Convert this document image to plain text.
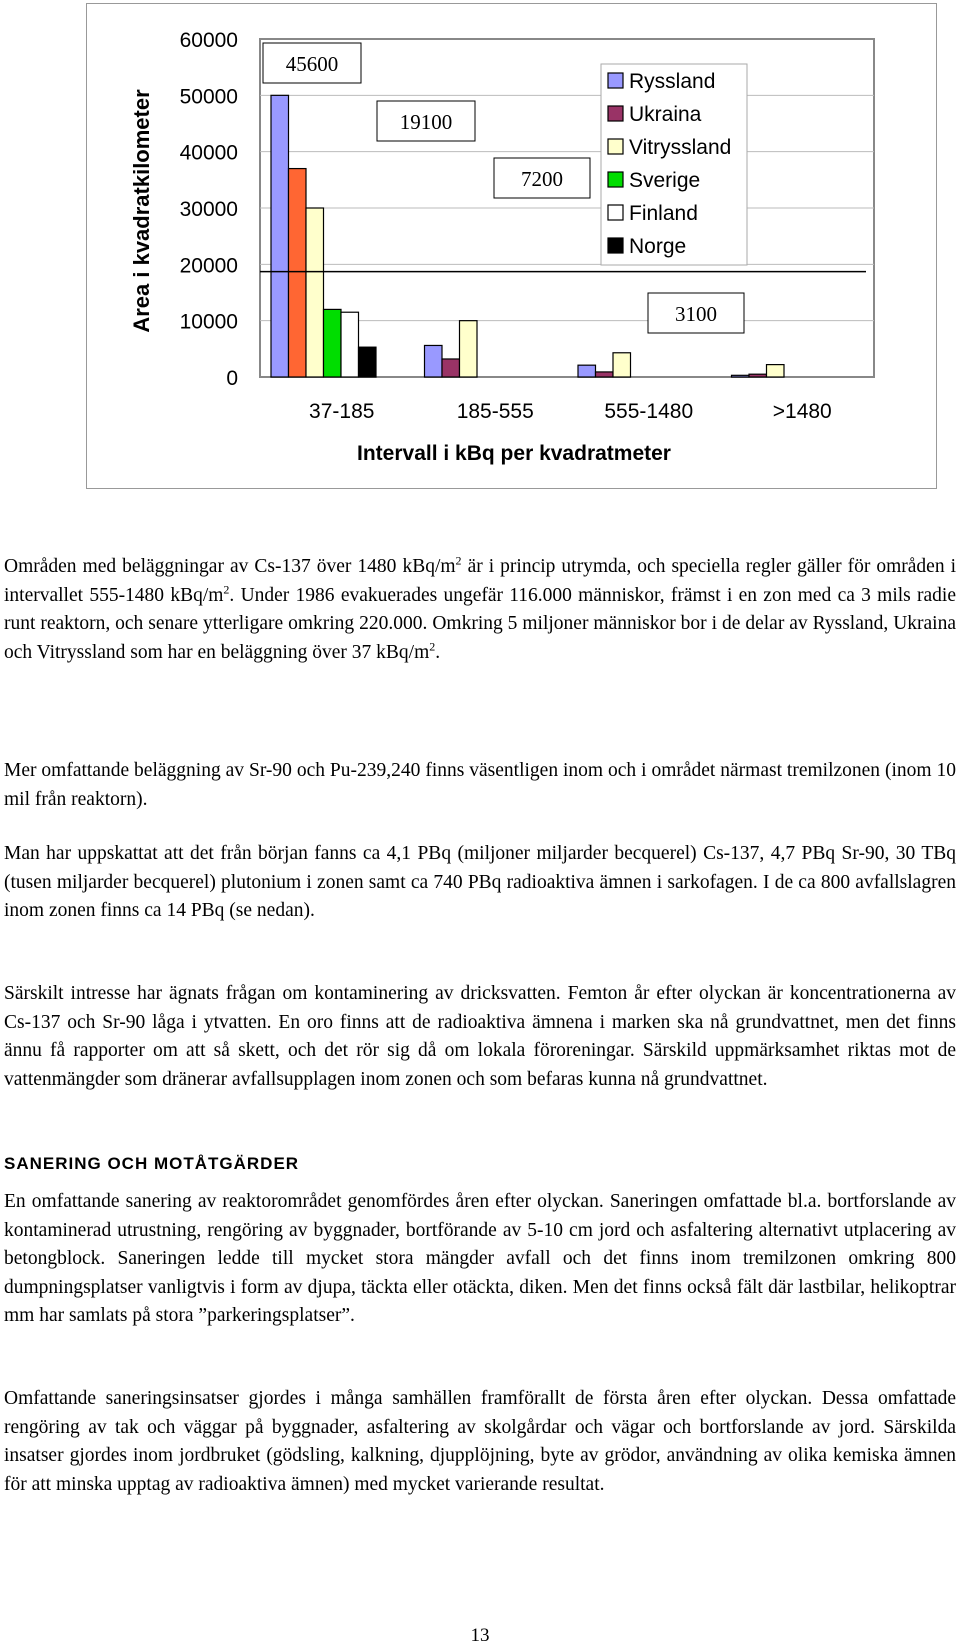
0
10000
20000
30000
40000
50000
60000
37-185	185-555	555-1480	>1480
45600
19100
7200
3100
Ryssland
Ukraina
Vitryssland
Sverige
Finland
Norge
Area i kvadratkilometer
Intervall i kBq per kvadratmeter

Områden med beläggningar av Cs-137 över 1480 kBq/$m^2$ är i princip utrymda, och speciella regler gäller för områden i intervallet 555-1480 kBq/$m^2$. Under 1986 evakuerades ungefär 116.000 människor, främst i en zon med ca 3 mils radie runt reaktorn, och senare ytterligare omkring 220.000. Omkring 5 miljoner människor bor i de delar av Ryssland, Ukraina och Vitryssland som har en beläggning över 37 kBq/$m^2$.

Mer omfattande beläggning av Sr-90 och Pu-239,240 finns väsentligen inom och i området närmast tremilzonen (inom 10 mil från reaktorn).

Man har uppskattat att det från början fanns ca 4,1 PBq (miljoner miljarder becquerel) Cs-137, 4,7 PBq Sr-90, 30 TBq (tusen miljarder becquerel) plutonium i zonen samt ca 740 PBq radioaktiva ämnen i sarkofagen. I de ca 800 avfallslagren inom zonen finns ca 14 PBq (se nedan).

Särskilt intresse har ägnats frågan om kontaminering av dricksvatten. Femton år efter olyckan är koncentrationerna av Cs-137 och Sr-90 låga i ytvatten. En oro finns att de radioaktiva ämnena i marken ska nå grundvattnet, men det finns ännu få rapporter om att så skett, och det rör sig då om lokala föroreningar. Särskild uppmärksamhet riktas mot de vattenmängder som dränerar avfallsupplagen inom zonen och som befaras kunna nå grundvattnet.

SANERING OCH MOTÅTGÄRDER

En omfattande sanering av reaktorområdet genomfördes åren efter olyckan. Saneringen omfattade bl.a. bortforslande av kontaminerad utrustning, rengöring av byggnader, bortförande av 5-10 cm jord och asfaltering alternativt utplacering av betongblock. Saneringen ledde till mycket stora mängder avfall och det finns inom tremilzonen omkring 800 dumpningsplatser vanligtvis i form av djupa, täckta eller otäckta, diken. Men det finns också fält där lastbilar, helikoptrar mm har samlats på stora ”parkeringsplatser”.

Omfattande saneringsinsatser gjordes i många samhällen framförallt de första åren efter olyckan. Dessa omfattade rengöring av tak och väggar på byggnader, asfaltering av skolgårdar och vägar och bortforslande av jord. Särskilda insatser gjordes inom jordbruket (gödsling, kalkning, djupplöjning, byte av grödor, användning av olika kemiska ämnen för att minska upptag av radioaktiva ämnen) med mycket varierande resultat.

13
